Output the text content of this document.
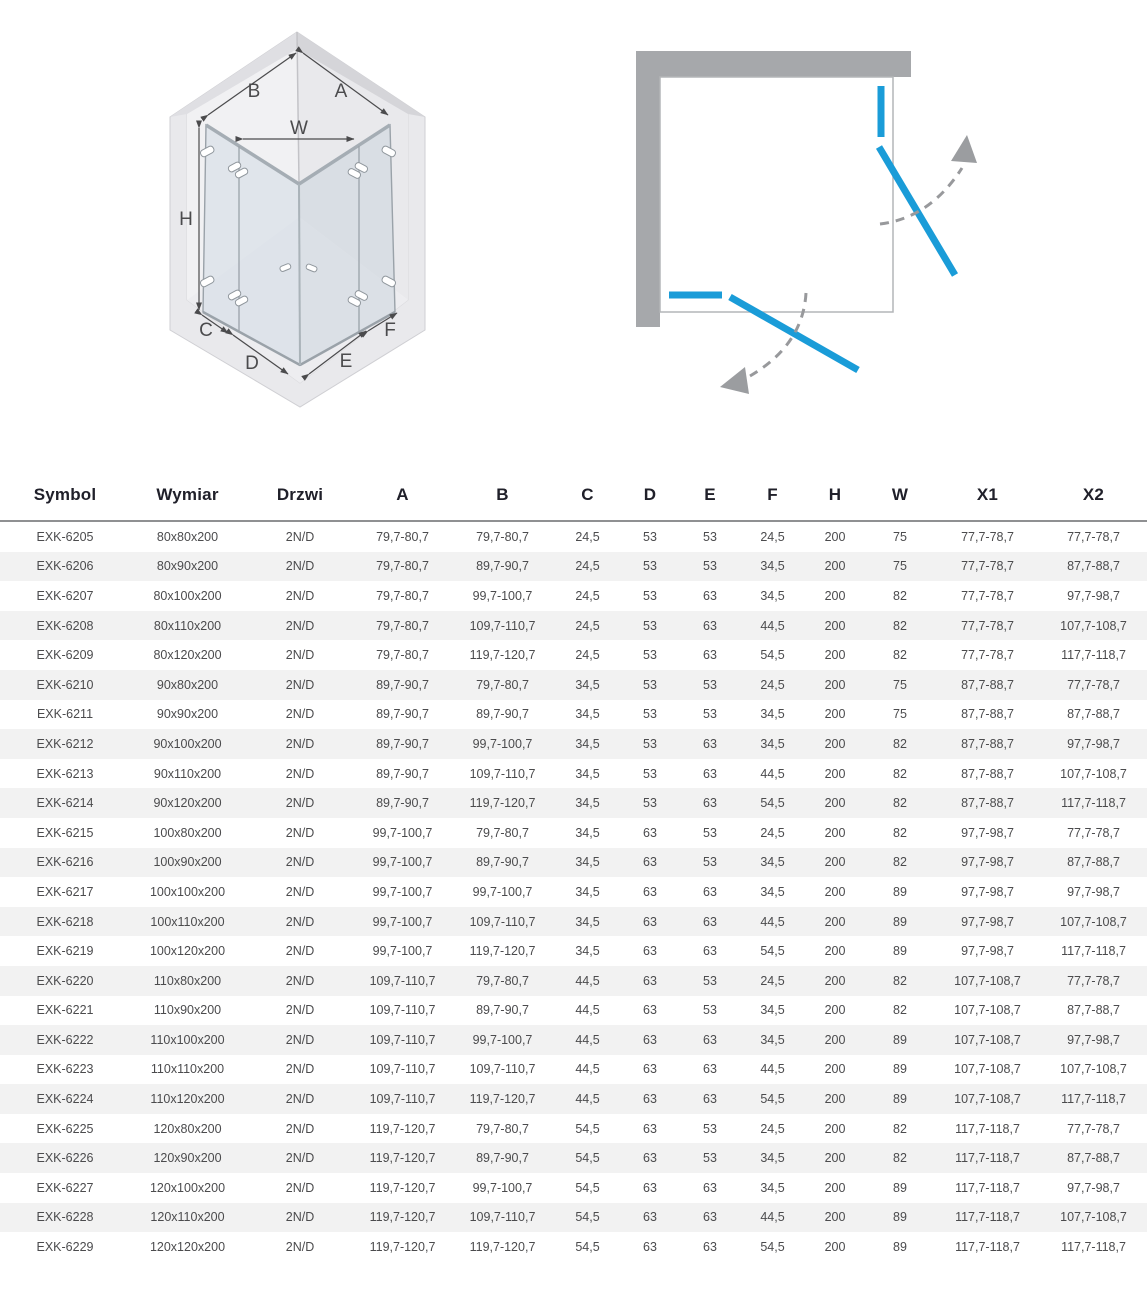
B	A
W
H
C
D	E
F
Symbol	Wymiar	Drzwi	A	B	C	D	E	F	H	W	X1	X2
EXK-6205	80x80x200	2N/D	79,7-80,7	79,7-80,7	24,5	53	53	24,5	200	75	77,7-78,7	77,7-78,7
EXK-6206	80x90x200	2N/D	79,7-80,7	89,7-90,7	24,5	53	53	34,5	200	75	77,7-78,7	87,7-88,7
EXK-6207	80x100x200	2N/D	79,7-80,7	99,7-100,7	24,5	53	63	34,5	200	82	77,7-78,7	97,7-98,7
EXK-6208	80x110x200	2N/D	79,7-80,7	109,7-110,7	24,5	53	63	44,5	200	82	77,7-78,7	107,7-108,7
EXK-6209	80x120x200	2N/D	79,7-80,7	119,7-120,7	24,5	53	63	54,5	200	82	77,7-78,7	117,7-118,7
EXK-6210	90x80x200	2N/D	89,7-90,7	79,7-80,7	34,5	53	53	24,5	200	75	87,7-88,7	77,7-78,7
EXK-6211	90x90x200	2N/D	89,7-90,7	89,7-90,7	34,5	53	53	34,5	200	75	87,7-88,7	87,7-88,7
EXK-6212	90x100x200	2N/D	89,7-90,7	99,7-100,7	34,5	53	63	34,5	200	82	87,7-88,7	97,7-98,7
EXK-6213	90x110x200	2N/D	89,7-90,7	109,7-110,7	34,5	53	63	44,5	200	82	87,7-88,7	107,7-108,7
EXK-6214	90x120x200	2N/D	89,7-90,7	119,7-120,7	34,5	53	63	54,5	200	82	87,7-88,7	117,7-118,7
EXK-6215	100x80x200	2N/D	99,7-100,7	79,7-80,7	34,5	63	53	24,5	200	82	97,7-98,7	77,7-78,7
EXK-6216	100x90x200	2N/D	99,7-100,7	89,7-90,7	34,5	63	53	34,5	200	82	97,7-98,7	87,7-88,7
EXK-6217	100x100x200	2N/D	99,7-100,7	99,7-100,7	34,5	63	63	34,5	200	89	97,7-98,7	97,7-98,7
EXK-6218	100x110x200	2N/D	99,7-100,7	109,7-110,7	34,5	63	63	44,5	200	89	97,7-98,7	107,7-108,7
EXK-6219	100x120x200	2N/D	99,7-100,7	119,7-120,7	34,5	63	63	54,5	200	89	97,7-98,7	117,7-118,7
EXK-6220	110x80x200	2N/D	109,7-110,7	79,7-80,7	44,5	63	53	24,5	200	82	107,7-108,7	77,7-78,7
EXK-6221	110x90x200	2N/D	109,7-110,7	89,7-90,7	44,5	63	53	34,5	200	82	107,7-108,7	87,7-88,7
EXK-6222	110x100x200	2N/D	109,7-110,7	99,7-100,7	44,5	63	63	34,5	200	89	107,7-108,7	97,7-98,7
EXK-6223	110x110x200	2N/D	109,7-110,7	109,7-110,7	44,5	63	63	44,5	200	89	107,7-108,7	107,7-108,7
EXK-6224	110x120x200	2N/D	109,7-110,7	119,7-120,7	44,5	63	63	54,5	200	89	107,7-108,7	117,7-118,7
EXK-6225	120x80x200	2N/D	119,7-120,7	79,7-80,7	54,5	63	53	24,5	200	82	117,7-118,7	77,7-78,7
EXK-6226	120x90x200	2N/D	119,7-120,7	89,7-90,7	54,5	63	53	34,5	200	82	117,7-118,7	87,7-88,7
EXK-6227	120x100x200	2N/D	119,7-120,7	99,7-100,7	54,5	63	63	34,5	200	89	117,7-118,7	97,7-98,7
EXK-6228	120x110x200	2N/D	119,7-120,7	109,7-110,7	54,5	63	63	44,5	200	89	117,7-118,7	107,7-108,7
EXK-6229	120x120x200	2N/D	119,7-120,7	119,7-120,7	54,5	63	63	54,5	200	89	117,7-118,7	117,7-118,7
